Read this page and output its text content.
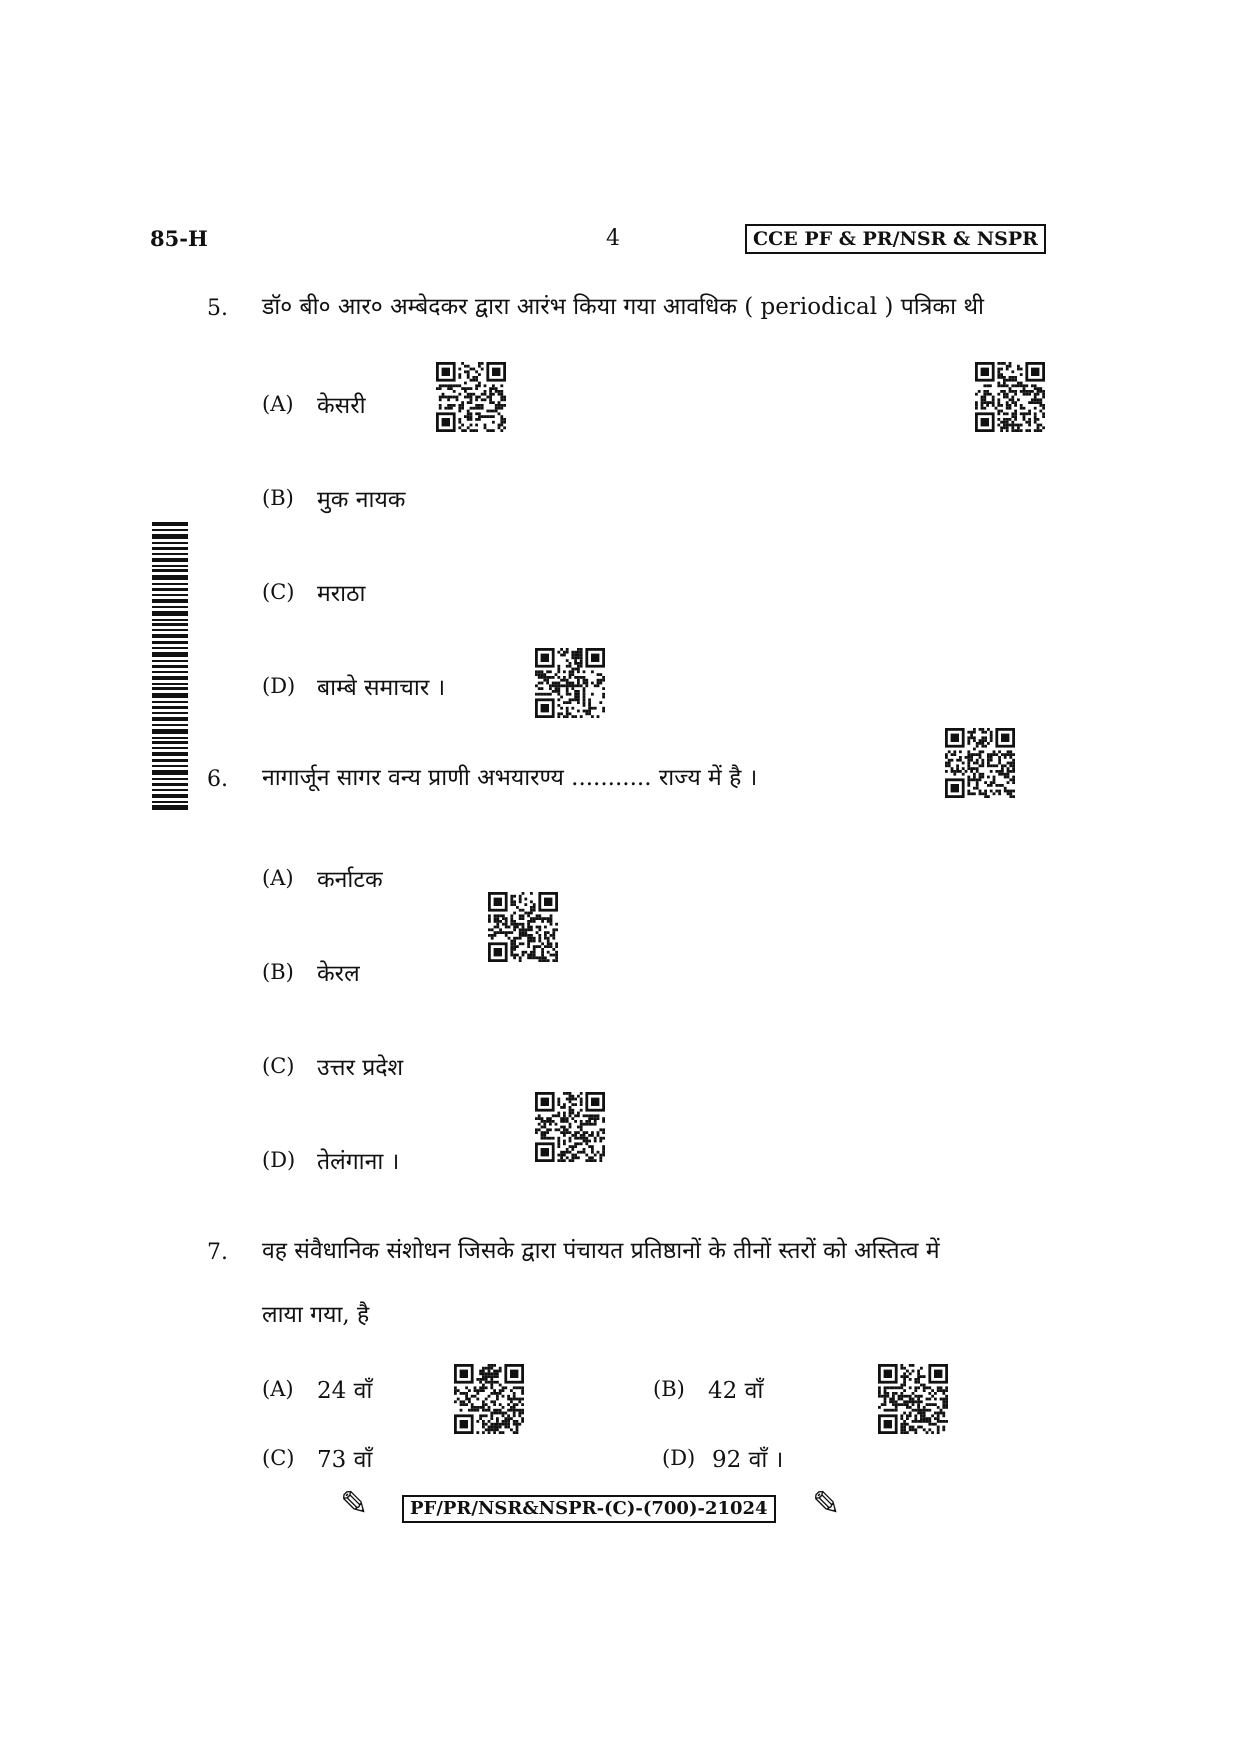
85-H	4	CCE PF & PR/NSR & NSPR
5. डॉ० बी० आर० अम्बेदकर द्वारा आरंभ किया गया आवधिक ( periodical ) पत्रिका थी
(A) केसरी
(B) मुक नायक
(C) मराठा
(D) बाम्बे समाचार ।
6. नागार्जून सागर वन्य प्राणी अभयारण्य ........... राज्य में है ।
(A) कर्नाटक
(B) केरल
(C) उत्तर प्रदेश
(D) तेलंगाना ।
7. वह संवैधानिक संशोधन जिसके द्वारा पंचायत प्रतिष्ठानों के तीनों स्तरों को अस्तित्व में
लाया गया, है
(A) 24 वाँ	(B) 42 वाँ
(C) 73 वाँ	(D) 92 वाँ ।
✎	PF/PR/NSR&NSPR-(C)-(700)-21024 ✎
